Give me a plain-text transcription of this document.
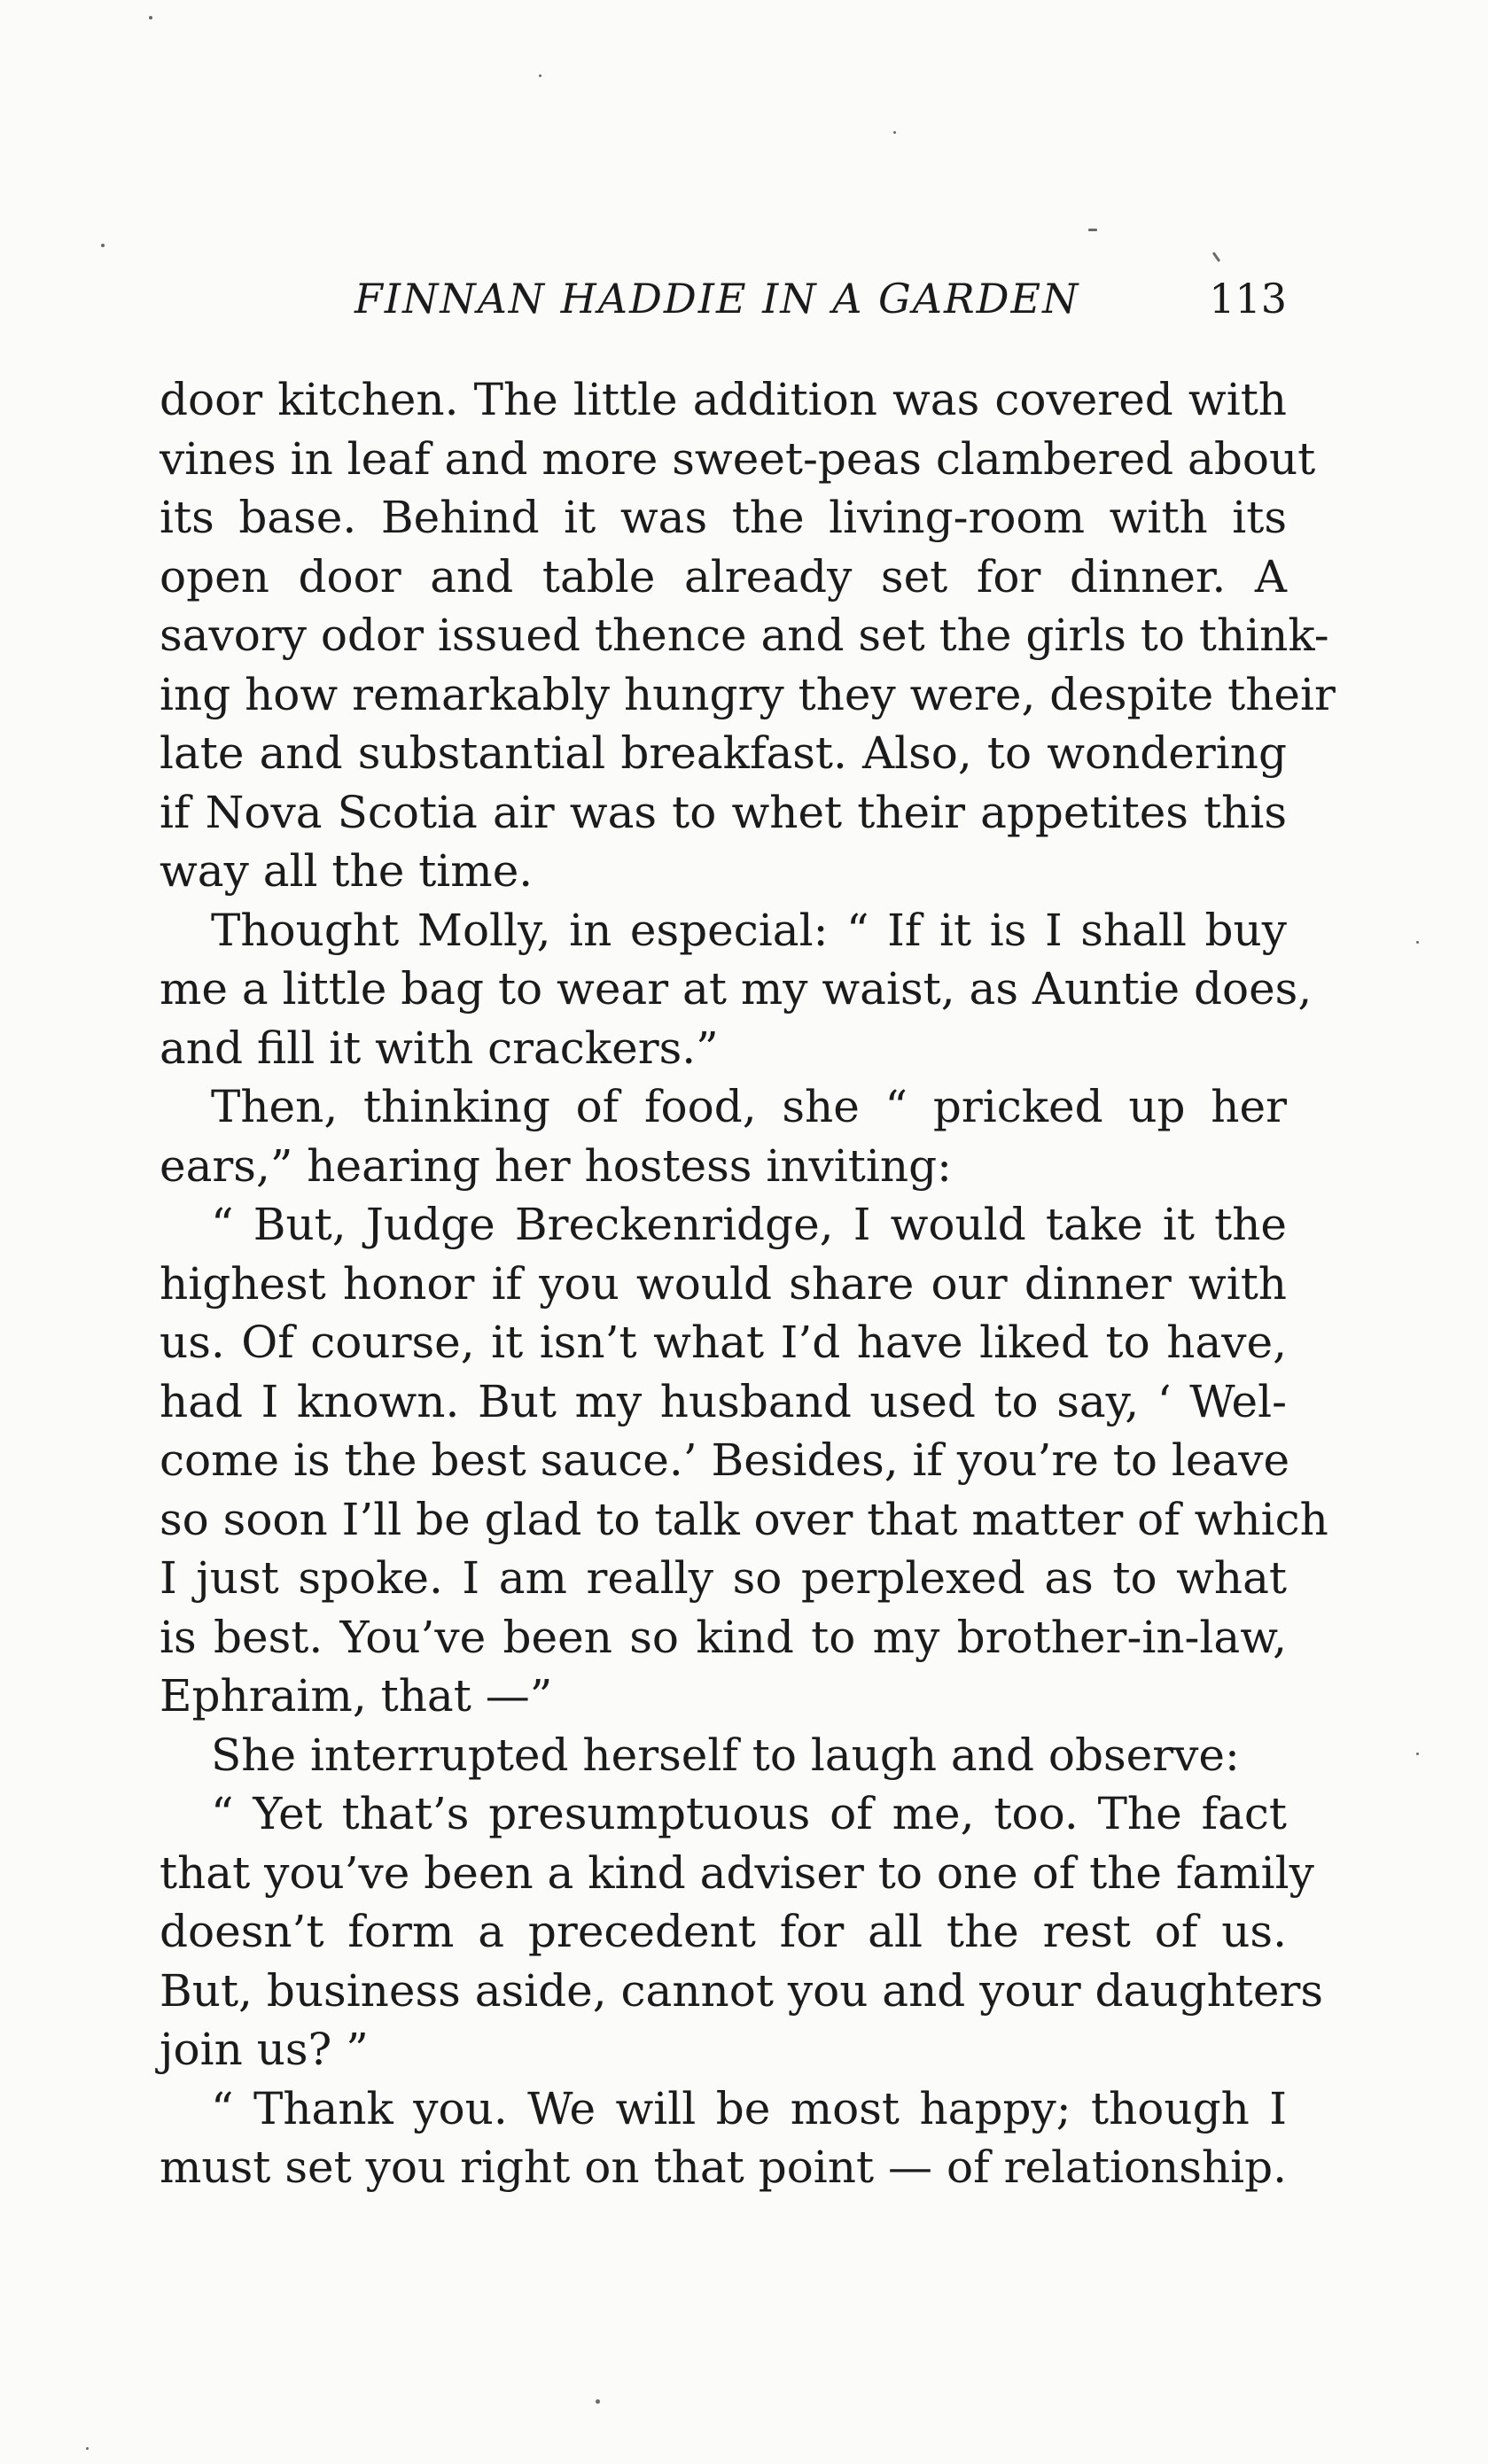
FINNAN HADDIE IN A GARDEN	113
door kitchen. The little addition was covered with
vines in leaf and more sweet-peas clambered about
its base. Behind it was the living-room with its
open door and table already set for dinner. A
savory odor issued thence and set the girls to think-
ing how remarkably hungry they were, despite their
late and substantial breakfast. Also, to wondering
if Nova Scotia air was to whet their appetites this
way all the time.
Thought Molly, in especial: “ If it is I shall buy
me a little bag to wear at my waist, as Auntie does,
and fill it with crackers.”
Then, thinking of food, she “ pricked up her
ears,” hearing her hostess inviting:
“ But, Judge Breckenridge, I would take it the
highest honor if you would share our dinner with
us. Of course, it isn’t what I’d have liked to have,
had I known. But my husband used to say, ‘ Wel-
come is the best sauce.’ Besides, if you’re to leave
so soon I’ll be glad to talk over that matter of which
I just spoke. I am really so perplexed as to what
is best. You’ve been so kind to my brother-in-law,
Ephraim, that —”
She interrupted herself to laugh and observe:
“ Yet that’s presumptuous of me, too. The fact
that you’ve been a kind adviser to one of the family
doesn’t form a precedent for all the rest of us.
But, business aside, cannot you and your daughters
join us? ”
“ Thank you. We will be most happy; though I
must set you right on that point — of relationship.
